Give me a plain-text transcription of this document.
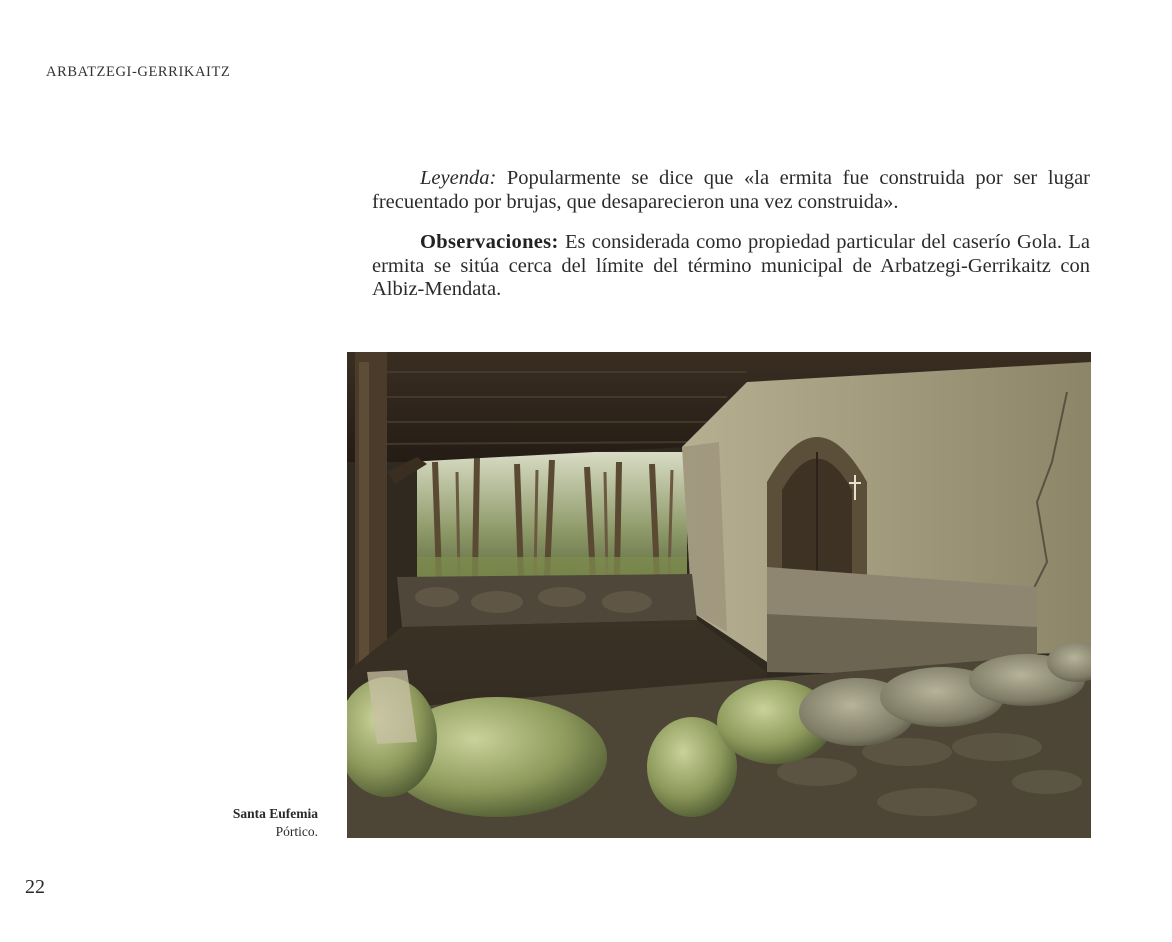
ARBATZEGI-GERRIKAITZ

Leyenda: Popularmente se dice que «la ermita fue construida por ser lugar frecuentado por brujas, que desaparecieron una vez construida».

Observaciones: Es considerada como propiedad particular del caserío Gola. La ermita se sitúa cerca del límite del término municipal de Arbatzegi-Gerrikaitz con Albiz-Mendata.

Santa Eufemia
Pórtico.
22
